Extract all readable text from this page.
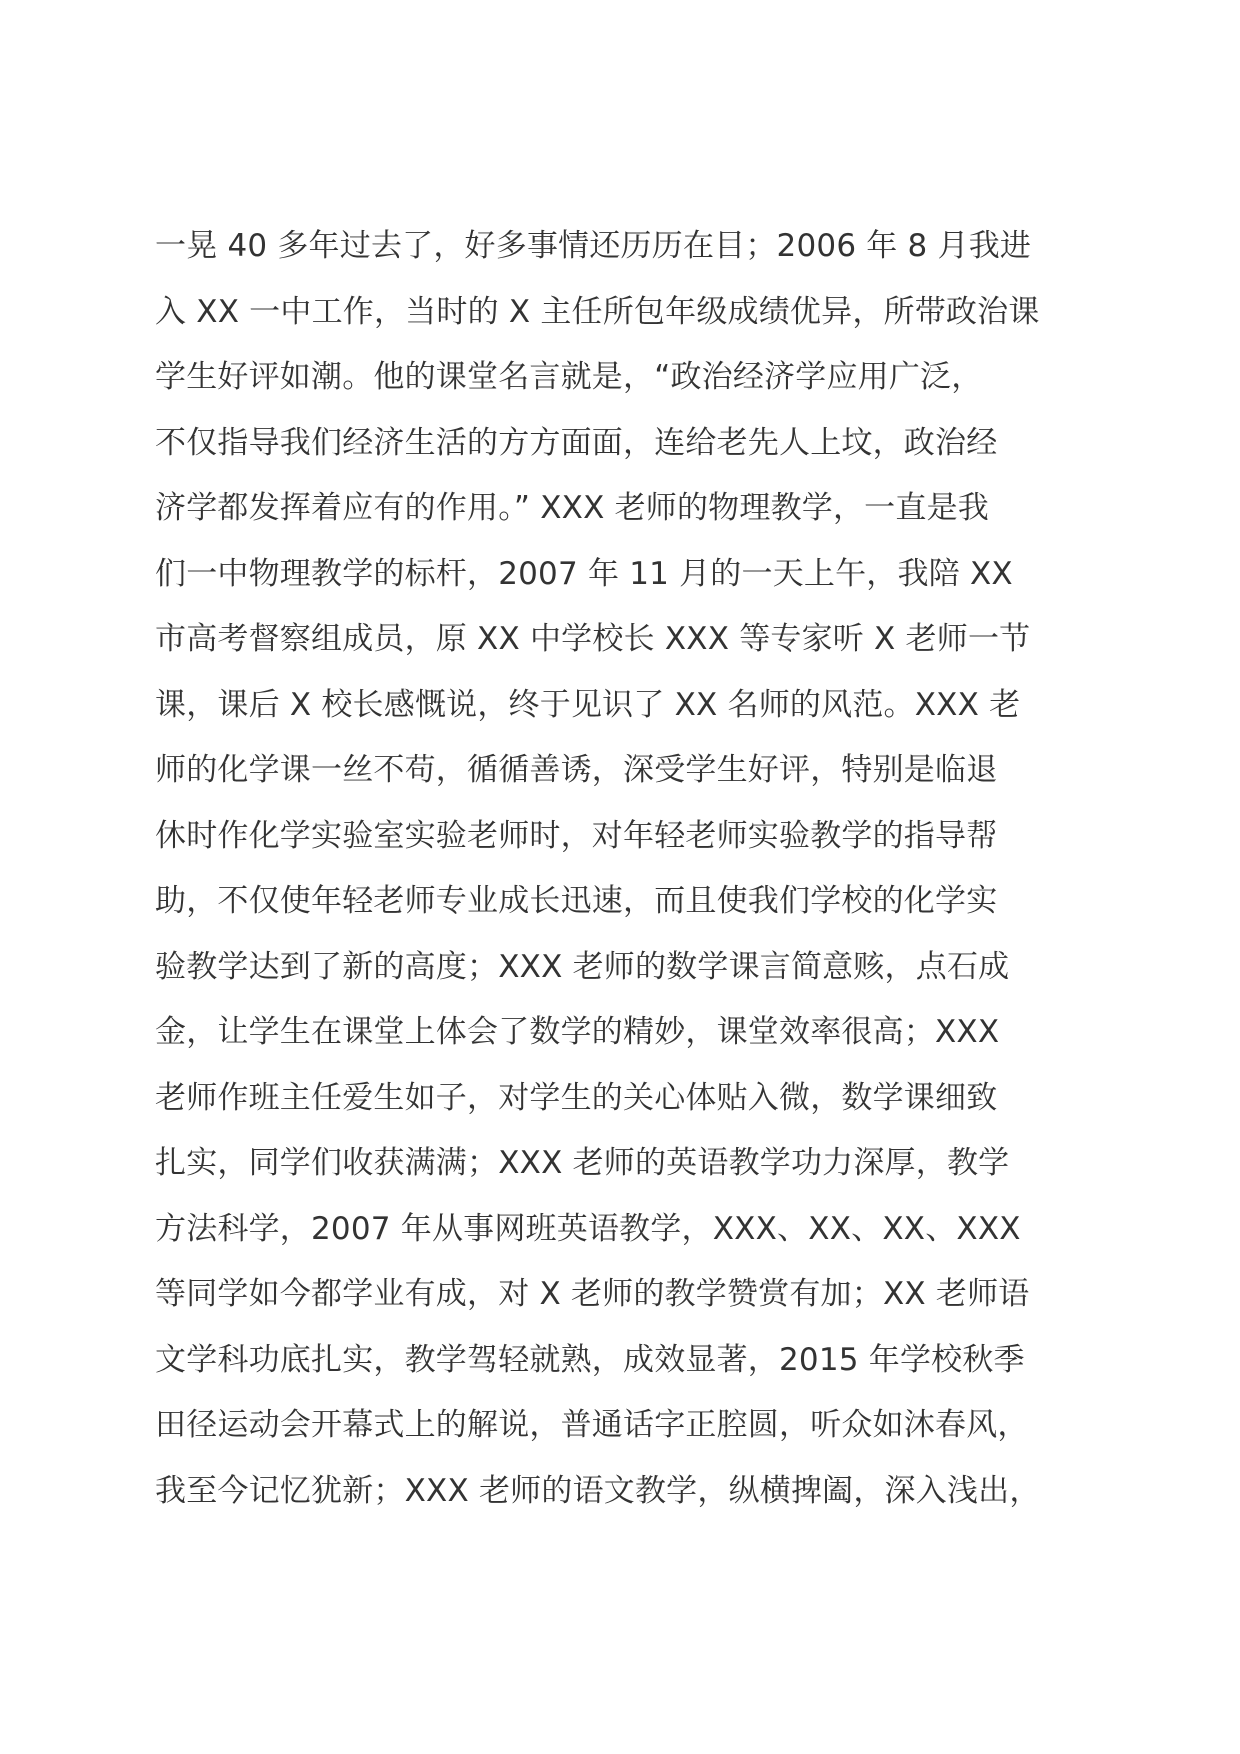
一晃 40 多年过去了，好多事情还历历在目；2006 年 8 月我进
入 XX 一中工作，当时的 X 主任所包年级成绩优异，所带政治课
学生好评如潮。他的课堂名言就是，“政治经济学应用广泛，
不仅指导我们经济生活的方方面面，连给老先人上坟，政治经
济学都发挥着应有的作用。” XXX 老师的物理教学，一直是我
们一中物理教学的标杆，2007 年 11 月的一天上午，我陪 XX
市高考督察组成员，原 XX 中学校长 XXX 等专家听 X 老师一节
课，课后 X 校长感慨说，终于见识了 XX 名师的风范。XXX 老
师的化学课一丝不苟，循循善诱，深受学生好评，特别是临退
休时作化学实验室实验老师时，对年轻老师实验教学的指导帮
助，不仅使年轻老师专业成长迅速，而且使我们学校的化学实
验教学达到了新的高度；XXX 老师的数学课言简意赅，点石成
金，让学生在课堂上体会了数学的精妙，课堂效率很高；XXX
老师作班主任爱生如子，对学生的关心体贴入微，数学课细致
扎实，同学们收获满满；XXX 老师的英语教学功力深厚，教学
方法科学，2007 年从事网班英语教学，XXX、XX、XX、XXX
等同学如今都学业有成，对 X 老师的教学赞赏有加；XX 老师语
文学科功底扎实，教学驾轻就熟，成效显著，2015 年学校秋季
田径运动会开幕式上的解说，普通话字正腔圆，听众如沐春风，
我至今记忆犹新；XXX 老师的语文教学，纵横捭阖，深入浅出，
